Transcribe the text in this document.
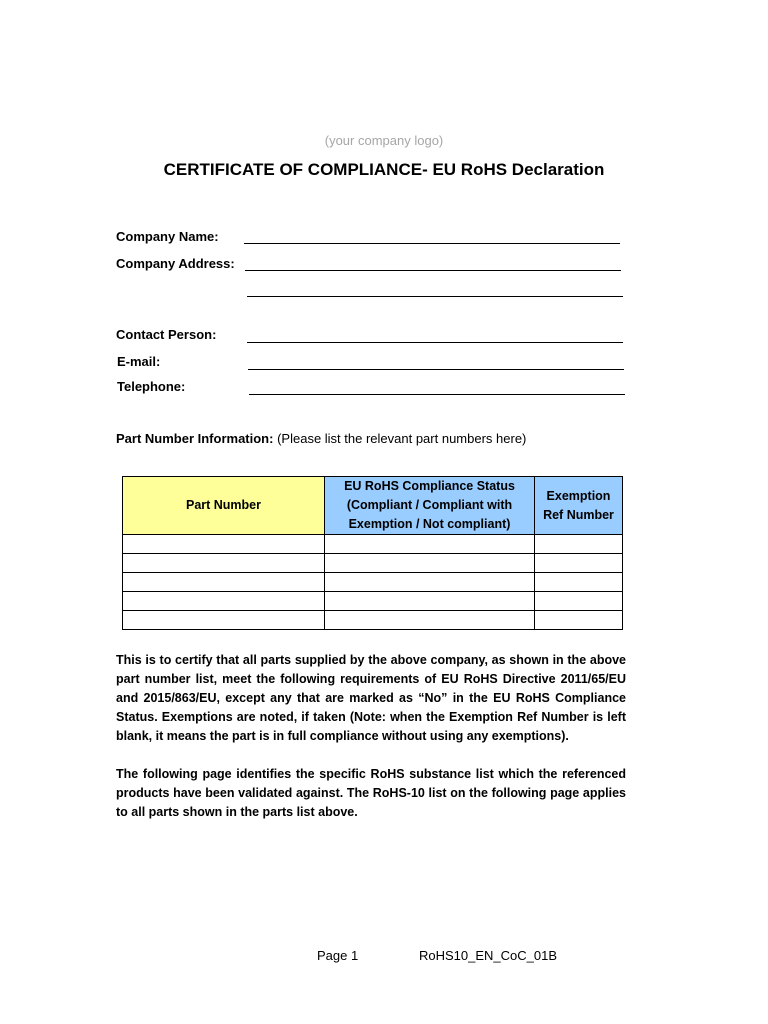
(your company logo)
CERTIFICATE OF COMPLIANCE- EU RoHS Declaration
Company Name:
Company Address:
Contact Person:
E-mail:
Telephone:
Part Number Information: (Please list the relevant part numbers here)
Part Number	EU RoHS Compliance Status (Compliant / Compliant with Exemption / Not compliant)	Exemption Ref Number

This is to certify that all parts supplied by the above company, as shown in the above part number list, meet the following requirements of EU RoHS Directive 2011/65/EU and 2015/863/EU, except any that are marked as “No” in the EU RoHS Compliance Status. Exemptions are noted, if taken (Note: when the Exemption Ref Number is left blank, it means the part is in full compliance without using any exemptions).
The following page identifies the specific RoHS substance list which the referenced products have been validated against. The RoHS-10 list on the following page applies to all parts shown in the parts list above.
Page 1	RoHS10_EN_CoC_01B
